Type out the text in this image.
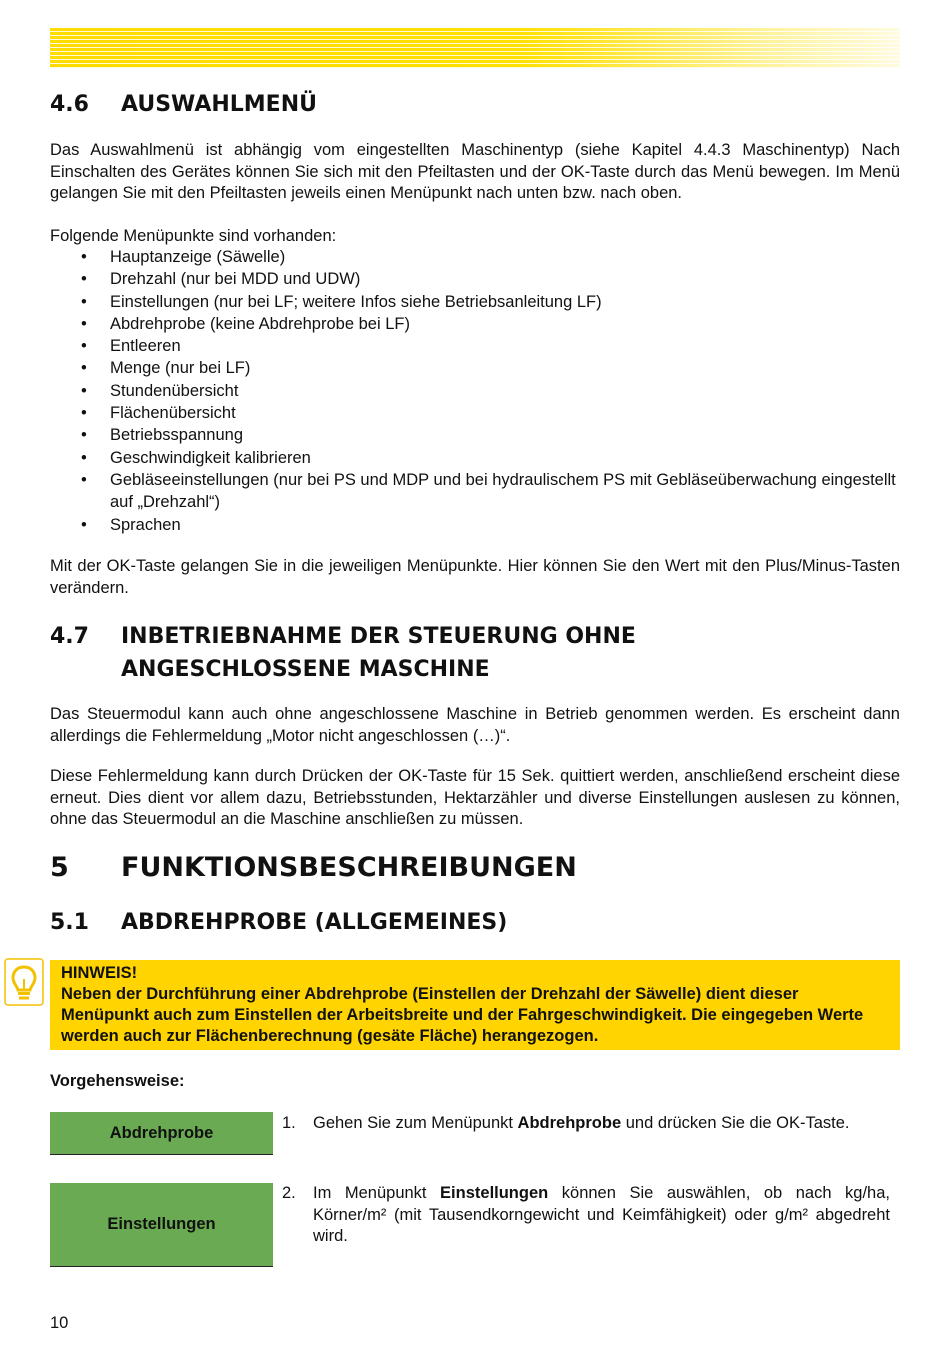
4.6 AUSWAHLMENÜ

Das Auswahlmenü ist abhängig vom eingestellten Maschinentyp (siehe Kapitel 4.4.3 Maschinentyp) Nach Einschalten des Gerätes können Sie sich mit den Pfeiltasten und der OK-Taste durch das Menü bewegen. Im Menü gelangen Sie mit den Pfeiltasten jeweils einen Menüpunkt nach unten bzw. nach oben.

Folgende Menüpunkte sind vorhanden:

• Hauptanzeige (Säwelle)
• Drehzahl (nur bei MDD und UDW)
• Einstellungen (nur bei LF; weitere Infos siehe Betriebsanleitung LF)
• Abdrehprobe (keine Abdrehprobe bei LF)
• Entleeren
• Menge (nur bei LF)
• Stundenübersicht
• Flächenübersicht
• Betriebsspannung
• Geschwindigkeit kalibrieren
• Gebläseeinstellungen (nur bei PS und MDP und bei hydraulischem PS mit Gebläseüberwachung eingestellt auf „Drehzahl“)
• Sprachen

Mit der OK-Taste gelangen Sie in die jeweiligen Menüpunkte. Hier können Sie den Wert mit den Plus/Minus-Tasten verändern.

4.7 INBETRIEBNAHME DER STEUERUNG OHNE
ANGESCHLOSSENE MASCHINE

Das Steuermodul kann auch ohne angeschlossene Maschine in Betrieb genommen werden. Es erscheint dann allerdings die Fehlermeldung „Motor nicht angeschlossen (…)“.

Diese Fehlermeldung kann durch Drücken der OK-Taste für 15 Sek. quittiert werden, anschließend erscheint diese erneut. Dies dient vor allem dazu, Betriebsstunden, Hektarzähler und diverse Einstellungen auslesen zu können, ohne das Steuermodul an die Maschine anschließen zu müssen.

5 FUNKTIONSBESCHREIBUNGEN
5.1 ABDREHPROBE (ALLGEMEINES)
HINWEIS!
Neben der Durchführung einer Abdrehprobe (Einstellen der Drehzahl der Säwelle) dient dieser Menüpunkt auch zum Einstellen der Arbeitsbreite und der Fahrgeschwindigkeit. Die eingegeben Werte werden auch zur Flächenberechnung (gesäte Fläche) herangezogen.
Vorgehensweise:
Abdrehprobe
1. Gehen Sie zum Menüpunkt Abdrehprobe und drücken Sie die OK-Taste.
Einstellungen
2. Im Menüpunkt Einstellungen können Sie auswählen, ob nach kg/ha, Körner/m² (mit Tausendkorngewicht und Keimfähigkeit) oder g/m² abgedreht wird.
10
